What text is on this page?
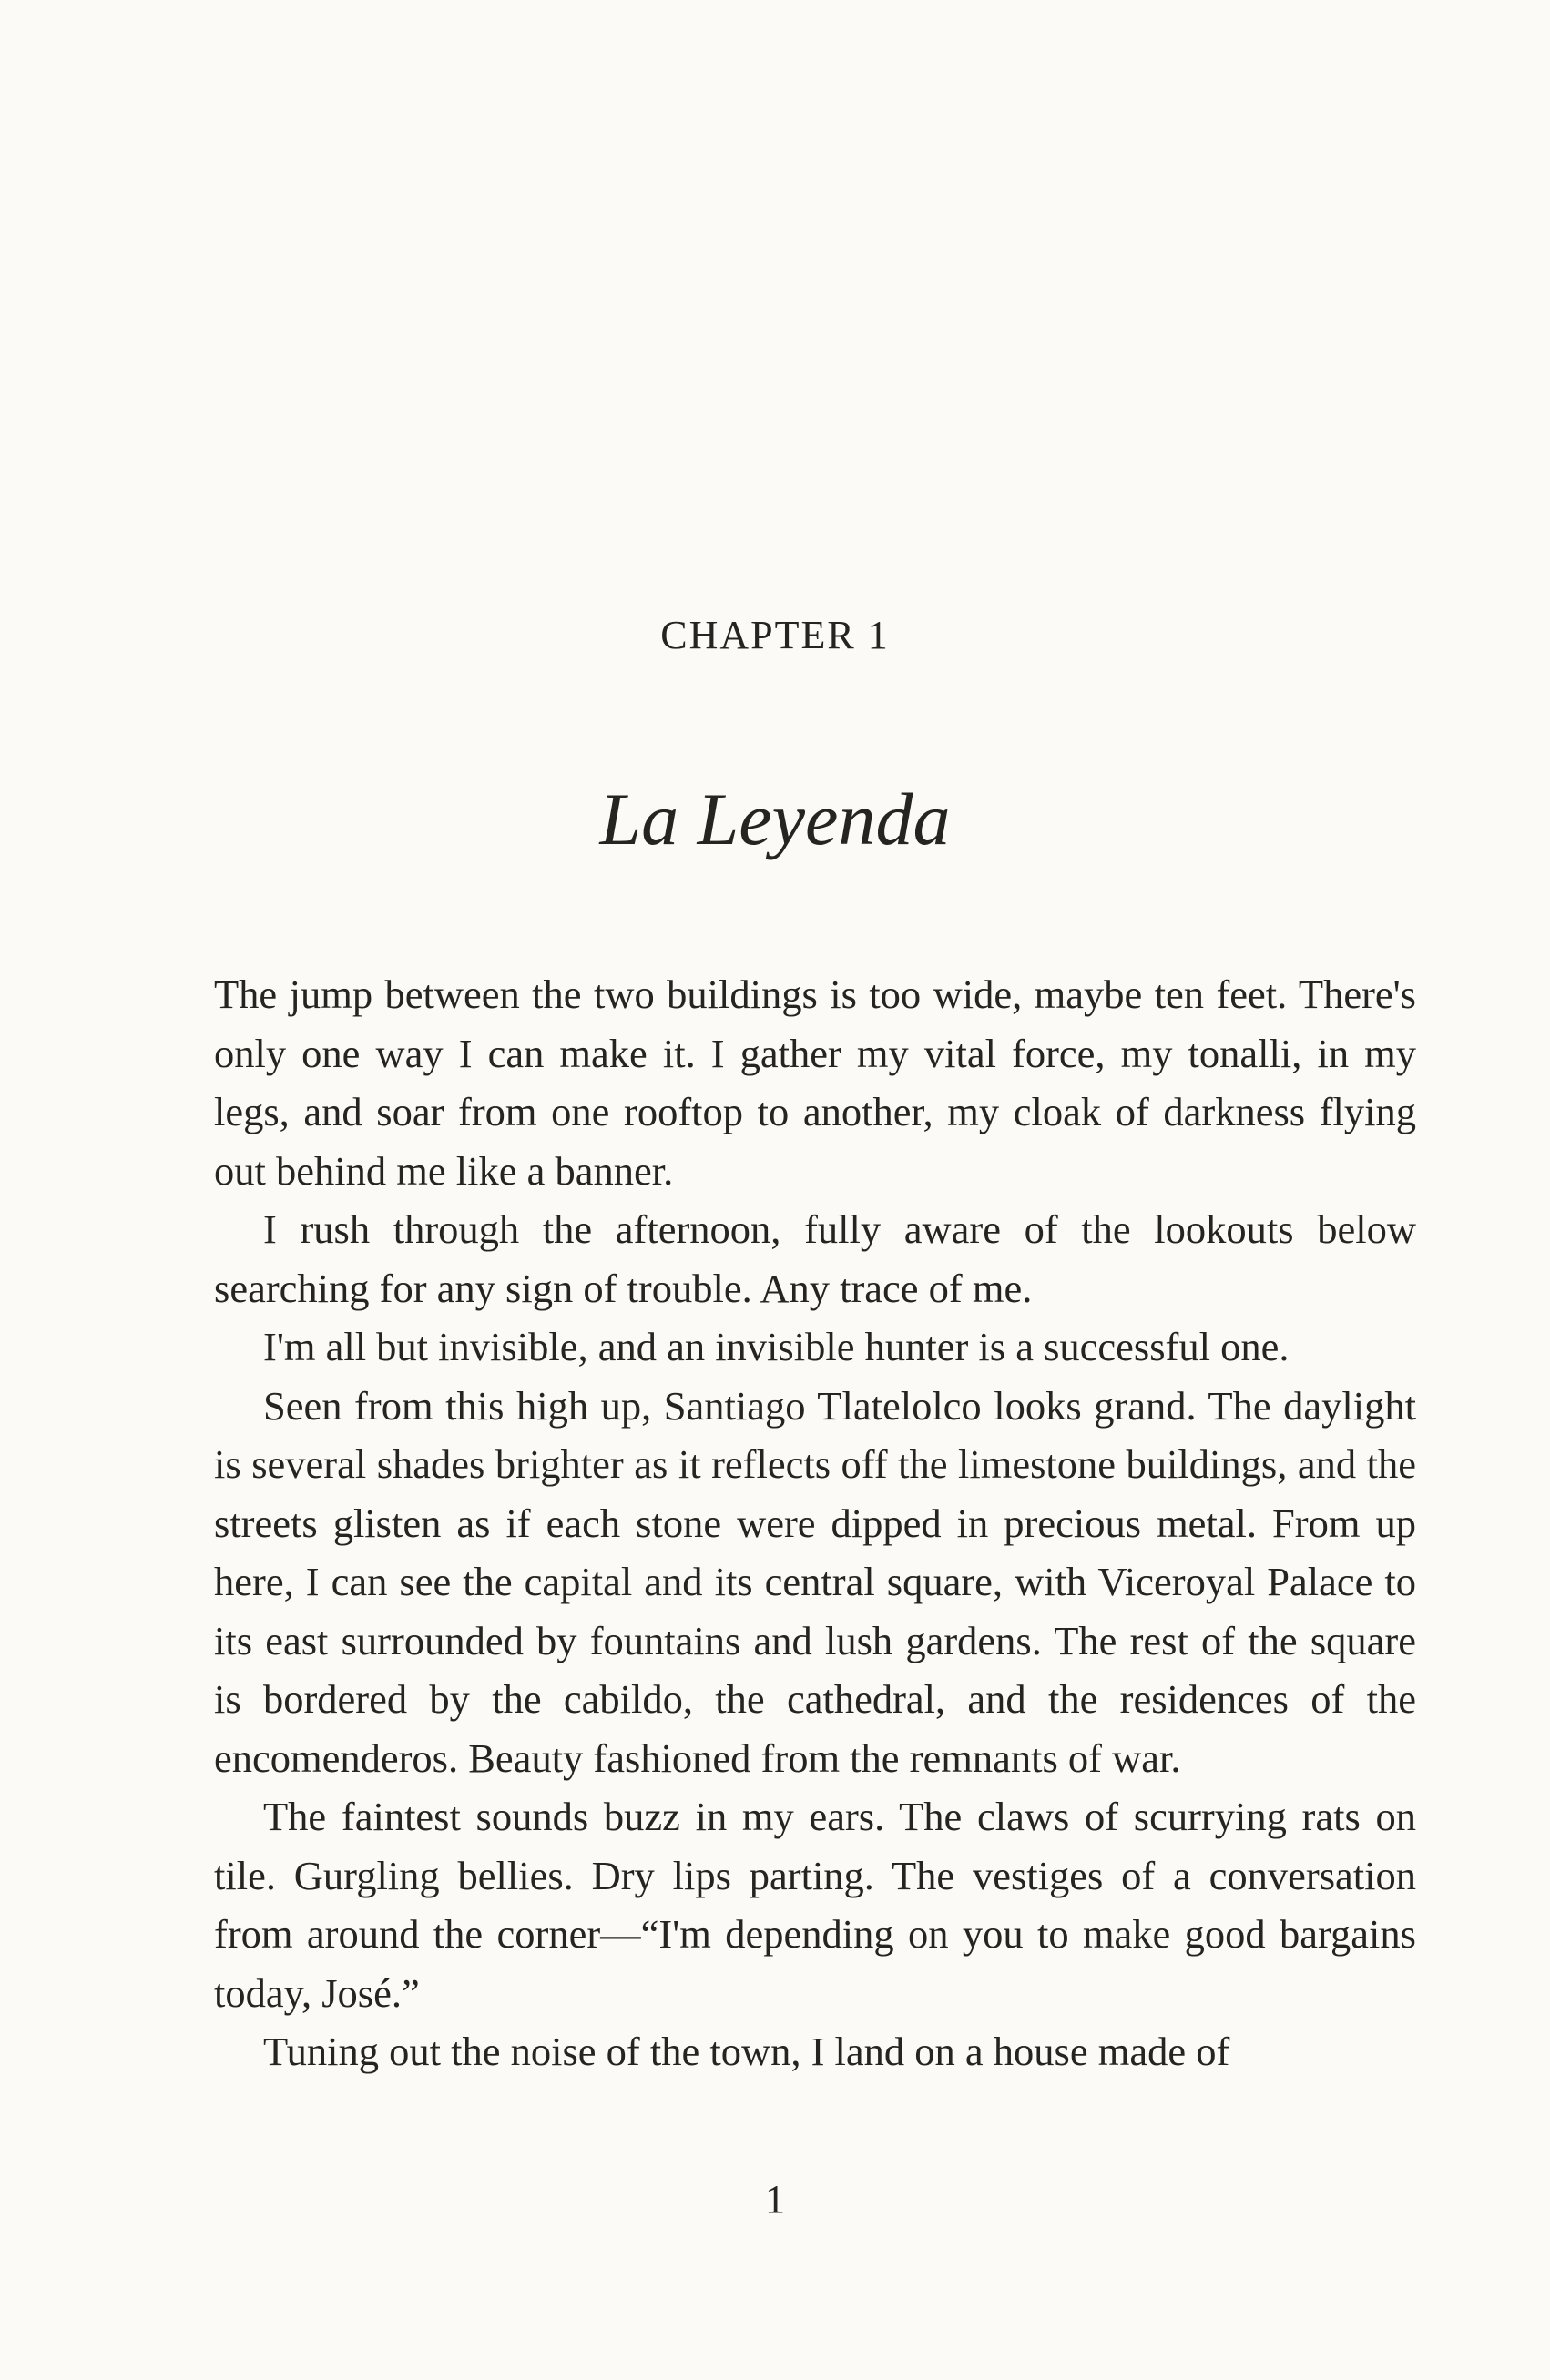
CHAPTER 1
La Leyenda

The jump between the two buildings is too wide, maybe ten feet. There's only one way I can make it. I gather my vital force, my tonalli, in my legs, and soar from one rooftop to another, my cloak of darkness flying out behind me like a banner.

I rush through the afternoon, fully aware of the lookouts below searching for any sign of trouble. Any trace of me.

I'm all but invisible, and an invisible hunter is a successful one.

Seen from this high up, Santiago Tlatelolco looks grand. The daylight is several shades brighter as it reflects off the limestone buildings, and the streets glisten as if each stone were dipped in precious metal. From up here, I can see the capital and its central square, with Viceroyal Palace to its east surrounded by fountains and lush gardens. The rest of the square is bordered by the cabildo, the cathedral, and the residences of the encomenderos. Beauty fashioned from the remnants of war.

The faintest sounds buzz in my ears. The claws of scurrying rats on tile. Gurgling bellies. Dry lips parting. The vestiges of a conversation from around the corner—“I'm depending on you to make good bargains today, José.”

Tuning out the noise of the town, I land on a house made of

1
